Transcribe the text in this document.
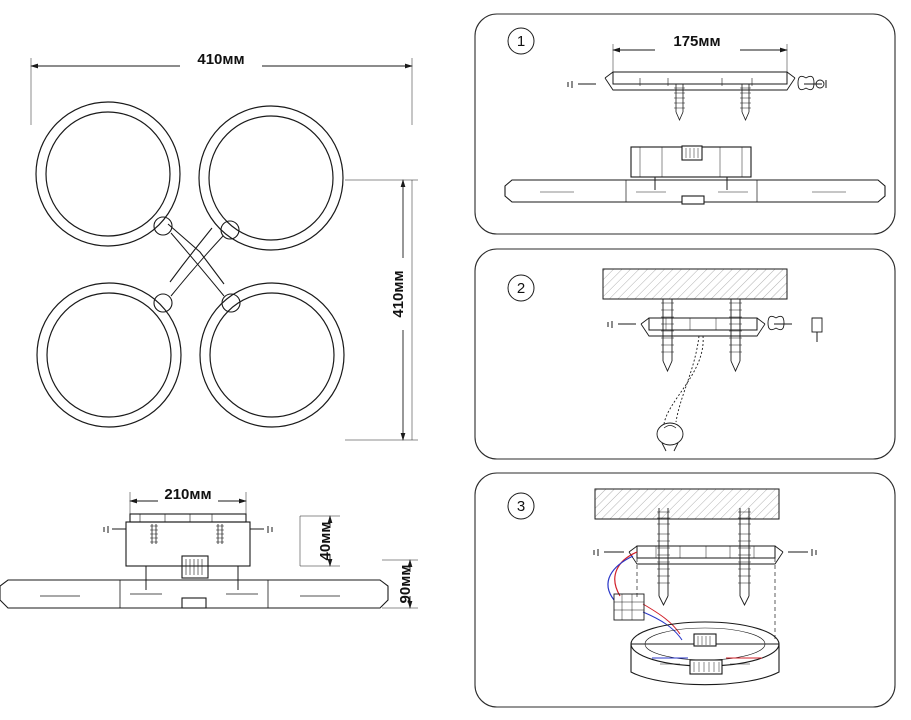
410мм
410мм
210мм
40мм
90мм
1	175мм
2
3
